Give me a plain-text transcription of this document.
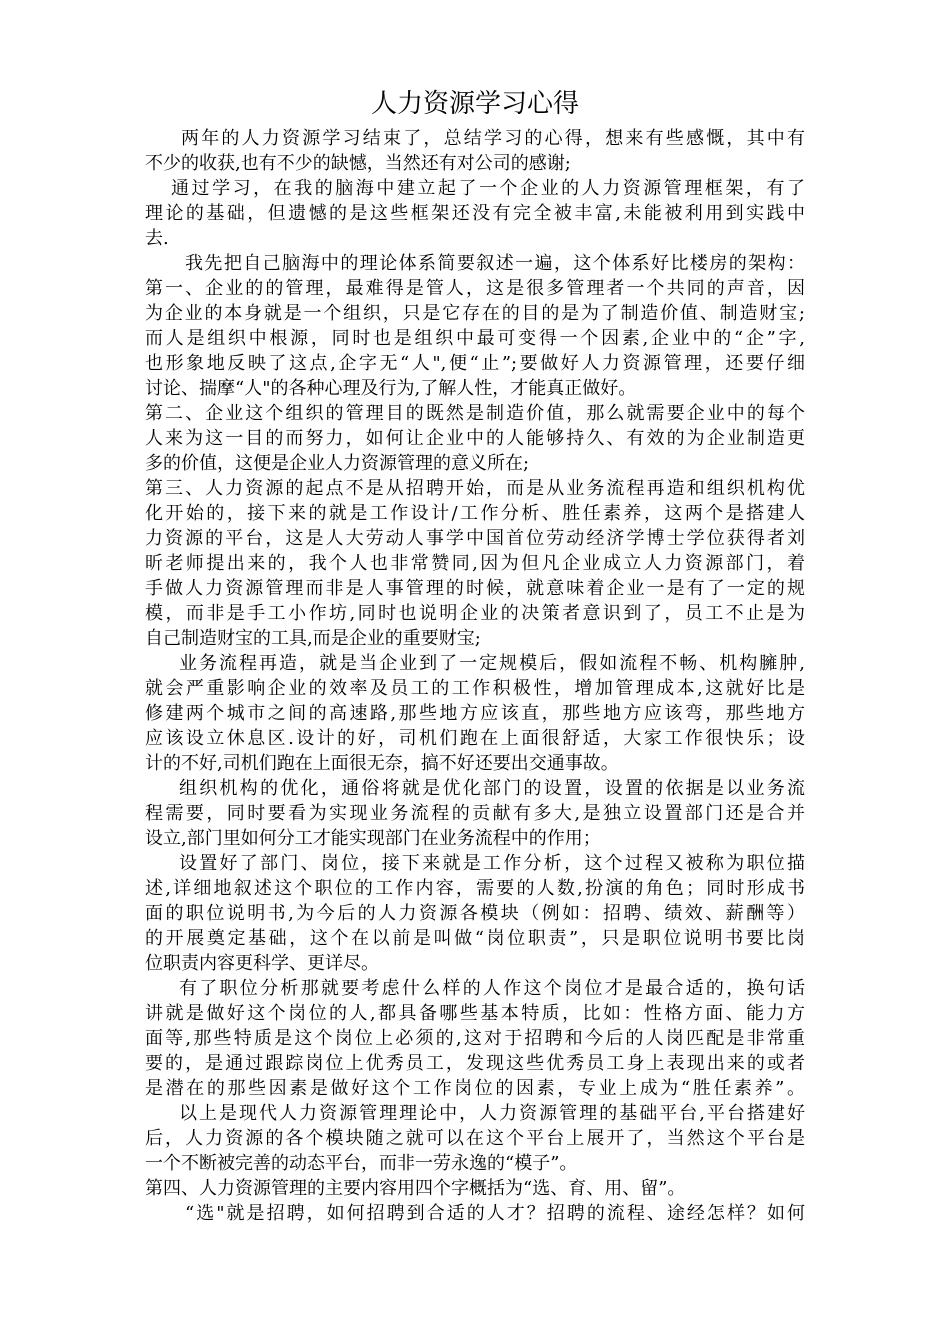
人力资源学习心得
两年的人力资源学习结束了，总结学习的心得，想来有些感慨，其中有
不少的收获,也有不少的缺憾，当然还有对公司的感谢;
通过学习，在我的脑海中建立起了一个企业的人力资源管理框架，有了
理论的基础，但遗憾的是这些框架还没有完全被丰富,未能被利用到实践中
去.
我先把自己脑海中的理论体系简要叙述一遍，这个体系好比楼房的架构：
第一、企业的的管理，最难得是管人，这是很多管理者一个共同的声音，因
为企业的本身就是一个组织，只是它存在的目的是为了制造价值、制造财宝;
而人是组织中根源，同时也是组织中最可变得一个因素,企业中的“企”字,
也形象地反映了这点,企字无“人",便“止”;要做好人力资源管理，还要仔细
讨论、揣摩“人"的各种心理及行为,了解人性，才能真正做好。
第二、企业这个组织的管理目的既然是制造价值，那么就需要企业中的每个
人来为这一目的而努力，如何让企业中的人能够持久、有效的为企业制造更
多的价值，这便是企业人力资源管理的意义所在;
第三、人力资源的起点不是从招聘开始，而是从业务流程再造和组织机构优
化开始的，接下来的就是工作设计/工作分析、胜任素养，这两个是搭建人
力资源的平台，这是人大劳动人事学中国首位劳动经济学博士学位获得者刘
昕老师提出来的，我个人也非常赞同,因为但凡企业成立人力资源部门，着
手做人力资源管理而非是人事管理的时候，就意味着企业一是有了一定的规
模，而非是手工小作坊,同时也说明企业的决策者意识到了，员工不止是为
自己制造财宝的工具,而是企业的重要财宝;
业务流程再造，就是当企业到了一定规模后，假如流程不畅、机构臃肿,
就会严重影响企业的效率及员工的工作积极性，增加管理成本,这就好比是
修建两个城市之间的高速路,那些地方应该直，那些地方应该弯，那些地方
应该设立休息区.设计的好，司机们跑在上面很舒适，大家工作很快乐；设
计的不好,司机们跑在上面很无奈，搞不好还要出交通事故。
组织机构的优化，通俗将就是优化部门的设置，设置的依据是以业务流
程需要，同时要看为实现业务流程的贡献有多大,是独立设置部门还是合并
设立,部门里如何分工才能实现部门在业务流程中的作用；
设置好了部门、岗位，接下来就是工作分析，这个过程又被称为职位描
述,详细地叙述这个职位的工作内容，需要的人数,扮演的角色；同时形成书
面的职位说明书,为今后的人力资源各模块（例如：招聘、绩效、薪酬等）
的开展奠定基础，这个在以前是叫做“岗位职责”，只是职位说明书要比岗
位职责内容更科学、更详尽。
有了职位分析那就要考虑什么样的人作这个岗位才是最合适的，换句话
讲就是做好这个岗位的人,都具备哪些基本特质，比如：性格方面、能力方
面等,那些特质是这个岗位上必须的,这对于招聘和今后的人岗匹配是非常重
要的，是通过跟踪岗位上优秀员工，发现这些优秀员工身上表现出来的或者
是潜在的那些因素是做好这个工作岗位的因素，专业上成为“胜任素养”。
以上是现代人力资源管理理论中，人力资源管理的基础平台,平台搭建好
后，人力资源的各个模块随之就可以在这个平台上展开了，当然这个平台是
一个不断被完善的动态平台，而非一劳永逸的“模子”。
第四、人力资源管理的主要内容用四个字概括为“选、育、用、留”。
“选"就是招聘，如何招聘到合适的人才？招聘的流程、途经怎样？如何
